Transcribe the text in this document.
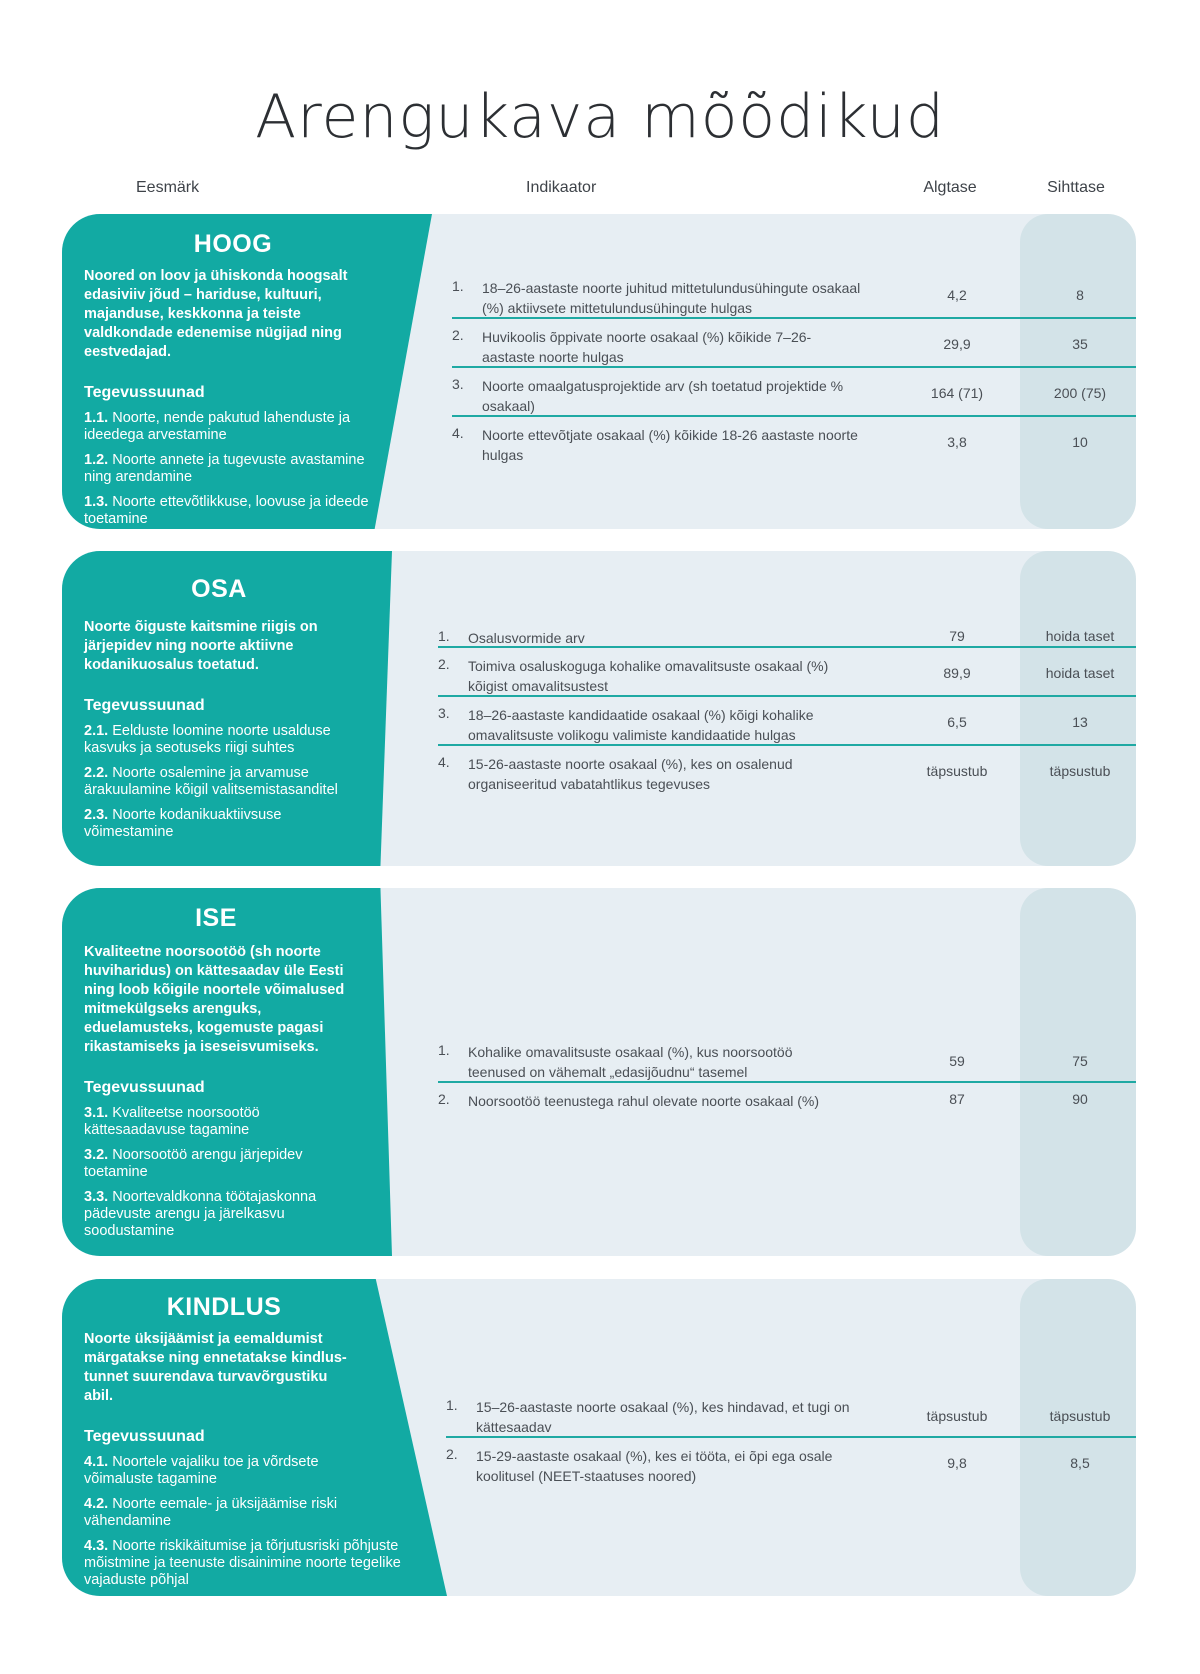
Arengukava mõõdikud
Eesmärk	Indikaator	Algtase	Sihttase
HOOG
Noored on loov ja ühiskonda hoogsalt edasiviiv jõud – hariduse, kultuuri, majanduse, keskkonna ja teiste valdkondade edenemise nügijad ning eestvedajad.
Tegevussuunad
1.1. Noorte, nende pakutud lahenduste ja ideedega arvestamine
1.2. Noorte annete ja tugevuste avastamine ning arendamine
1.3. Noorte ettevõtlikkuse, loovuse ja ideede toetamine
1.	18–26-aastaste noorte juhitud mittetulundusühingute osakaal (%) aktiivsete mittetulundusühingute hulgas
4,2	8
2.	Huvikoolis õppivate noorte osakaal (%) kõikide 7–26-aastaste noorte hulgas
29,9	35
3.	Noorte omaalgatusprojektide arv (sh toetatud projektide % osakaal)
164 (71)	200 (75)
4.	Noorte ettevõtjate osakaal (%) kõikide 18-26 aastaste noorte hulgas
3,8	10
OSA
Noorte õiguste kaitsmine riigis on järjepidev ning noorte aktiivne kodanikuosalus toetatud.
Tegevussuunad
2.1. Eelduste loomine noorte usalduse kasvuks ja seotuseks riigi suhtes
2.2. Noorte osalemine ja arvamuse ärakuulamine kõigil valitsemistasanditel
2.3. Noorte kodanikuaktiivsuse võimestamine
1.	Osalusvormide arv	79	hoida taset
2.	Toimiva osaluskoguga kohalike omavalitsuste osakaal (%) kõigist omavalitsustest
89,9	hoida taset
3.	18–26-aastaste kandidaatide osakaal (%) kõigi kohalike omavalitsuste volikogu valimiste kandidaatide hulgas
6,5	13
4.	15-26-aastaste noorte osakaal (%), kes on osalenud organiseeritud vabatahtlikus tegevuses
täpsustub	täpsustub
ISE
Kvaliteetne noorsootöö (sh noorte huviharidus) on kättesaadav üle Eesti ning loob kõigile noortele võimalused mitmekülgseks arenguks, eduelamusteks, kogemuste pagasi rikastamiseks ja iseseisvumiseks.
Tegevussuunad
3.1. Kvaliteetse noorsootöö kättesaadavuse tagamine
3.2. Noorsootöö arengu järjepidev toetamine
3.3. Noortevaldkonna töötajaskonna pädevuste arengu ja järelkasvu soodustamine
1.	Kohalike omavalitsuste osakaal (%), kus noorsootöö teenused on vähemalt „edasijõudnu“ tasemel
59	75
2.	Noorsootöö teenustega rahul olevate noorte osakaal (%)	87	90
KINDLUS
Noorte üksijäämist ja eemaldumist märgatakse ning ennetatakse kindlus-tunnet suurendava turvavõrgustiku abil.
Tegevussuunad
4.1. Noortele vajaliku toe ja võrdsete võimaluste tagamine
4.2. Noorte eemale- ja üksijäämise riski vähendamine
4.3. Noorte riskikäitumise ja tõrjutusriski põhjuste mõistmine ja teenuste disainimine noorte tegelike vajaduste põhjal
1.	15–26-aastaste noorte osakaal (%), kes hindavad, et tugi on kättesaadav
täpsustub	täpsustub
2.	15-29-aastaste osakaal (%), kes ei tööta, ei õpi ega osale koolitusel (NEET-staatuses noored)
9,8	8,5
